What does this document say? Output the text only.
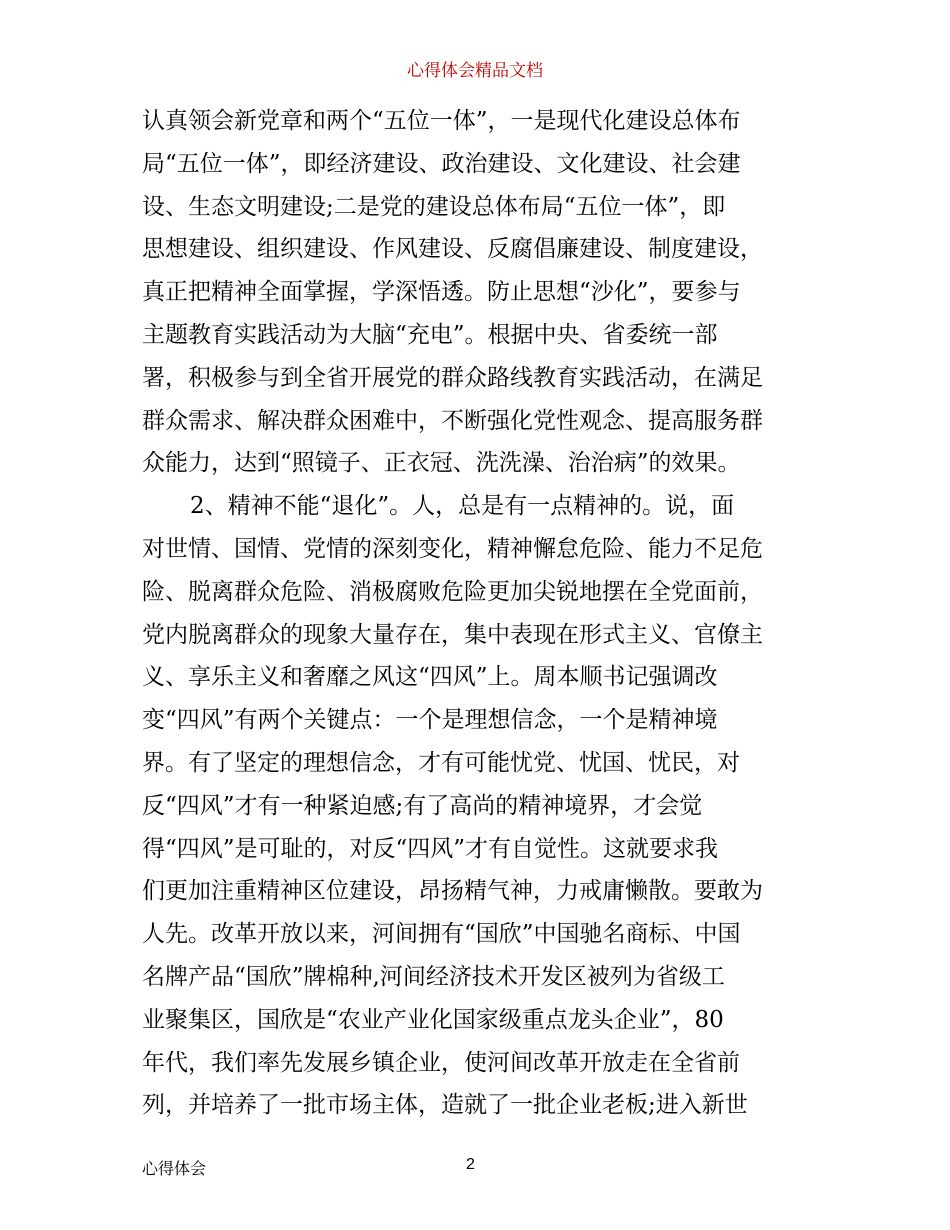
心得体会精品文档
认真领会新党章和两个“五位一体”，一是现代化建设总体布
局“五位一体”，即经济建设、政治建设、文化建设、社会建
设、生态文明建设;二是党的建设总体布局“五位一体”，即
思想建设、组织建设、作风建设、反腐倡廉建设、制度建设，
真正把精神全面掌握，学深悟透。防止思想“沙化”，要参与
主题教育实践活动为大脑“充电”。根据中央、省委统一部
署，积极参与到全省开展党的群众路线教育实践活动，在满足
群众需求、解决群众困难中，不断强化党性观念、提高服务群
众能力，达到“照镜子、正衣冠、洗洗澡、治治病”的效果。
2、精神不能“退化”。人，总是有一点精神的。说，面
对世情、国情、党情的深刻变化，精神懈怠危险、能力不足危
险、脱离群众危险、消极腐败危险更加尖锐地摆在全党面前，
党内脱离群众的现象大量存在，集中表现在形式主义、官僚主
义、享乐主义和奢靡之风这“四风”上。周本顺书记强调改
变“四风”有两个关键点：一个是理想信念，一个是精神境
界。有了坚定的理想信念，才有可能忧党、忧国、忧民，对
反“四风”才有一种紧迫感;有了高尚的精神境界，才会觉
得“四风”是可耻的，对反“四风”才有自觉性。这就要求我
们更加注重精神区位建设，昂扬精气神，力戒庸懒散。要敢为
人先。改革开放以来，河间拥有“国欣”中国驰名商标、中国
名牌产品“国欣”牌棉种,河间经济技术开发区被列为省级工
业聚集区，国欣是“农业产业化国家级重点龙头企业”，80
年代，我们率先发展乡镇企业，使河间改革开放走在全省前
列，并培养了一批市场主体，造就了一批企业老板;进入新世
心得体会	2
